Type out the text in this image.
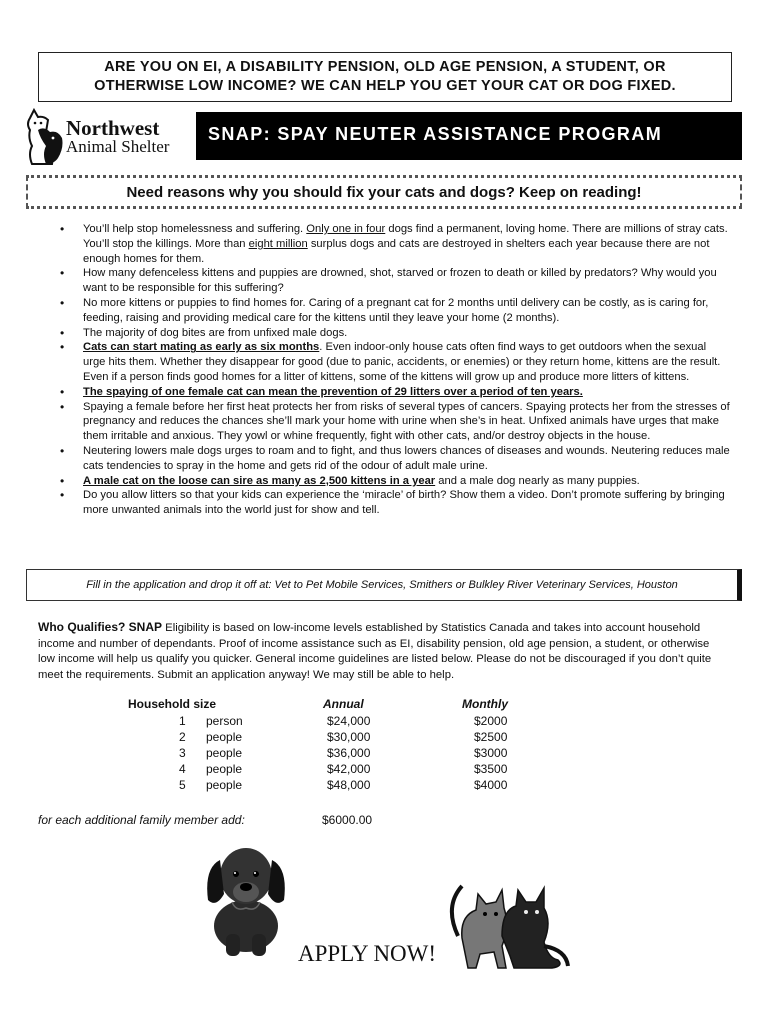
ARE YOU ON EI, A DISABILITY PENSION, OLD AGE PENSION, A STUDENT, OR
OTHERWISE LOW INCOME? WE CAN HELP YOU GET YOUR CAT OR DOG FIXED.
Northwest
Animal Shelter
SNAP: SPAY NEUTER ASSISTANCE PROGRAM
Need reasons why you should fix your cats and dogs? Keep on reading!
• You’ll help stop homelessness and suffering. Only one in four dogs find a permanent, loving home. There are millions of stray cats. You’ll stop the killings. More than eight million surplus dogs and cats are destroyed in shelters each year because there are not enough homes for them.
• How many defenceless kittens and puppies are drowned, shot, starved or frozen to death or killed by predators? Why would you want to be responsible for this suffering?
• No more kittens or puppies to find homes for. Caring of a pregnant cat for 2 months until delivery can be costly, as is caring for, feeding, raising and providing medical care for the kittens until they leave your home (2 months).
• The majority of dog bites are from unfixed male dogs.
• Cats can start mating as early as six months. Even indoor-only house cats often find ways to get outdoors when the sexual urge hits them. Whether they disappear for good (due to panic, accidents, or enemies) or they return home, kittens are the result. Even if a person finds good homes for a litter of kittens, some of the kittens will grow up and produce more litters of kittens.
• The spaying of one female cat can mean the prevention of 29 litters over a period of ten years.
• Spaying a female before her first heat protects her from risks of several types of cancers. Spaying protects her from the stresses of pregnancy and reduces the chances she’ll mark your home with urine when she’s in heat. Unfixed animals have urges that make them irritable and anxious. They yowl or whine frequently, fight with other cats, and/or destroy objects in the house.
• Neutering lowers male dogs urges to roam and to fight, and thus lowers chances of diseases and wounds. Neutering reduces male cats tendencies to spray in the home and gets rid of the odour of adult male urine.
• A male cat on the loose can sire as many as 2,500 kittens in a year and a male dog nearly as many puppies.
• Do you allow litters so that your kids can experience the ‘miracle’ of birth? Show them a video. Don’t promote suffering by bringing more unwanted animals into the world just for show and tell.
Fill in the application and drop it off at: Vet to Pet Mobile Services, Smithers or Bulkley River Veterinary Services, Houston
Who Qualifies? SNAP Eligibility is based on low-income levels established by Statistics Canada and takes into account household income and number of dependants. Proof of income assistance such as EI, disability pension, old age pension, a student, or otherwise low income will help us qualify you quicker. General income guidelines are listed below. Please do not be discouraged if you don’t quite meet the requirements. Submit an application anyway! We may still be able to help.
Household size	Annual	Monthly
1 person	$24,000	$2000
2 people	$30,000	$2500
3 people	$36,000	$3000
4 people	$42,000	$3500
5 people	$48,000	$4000
for each additional family member add:	$6000.00
APPLY NOW!
